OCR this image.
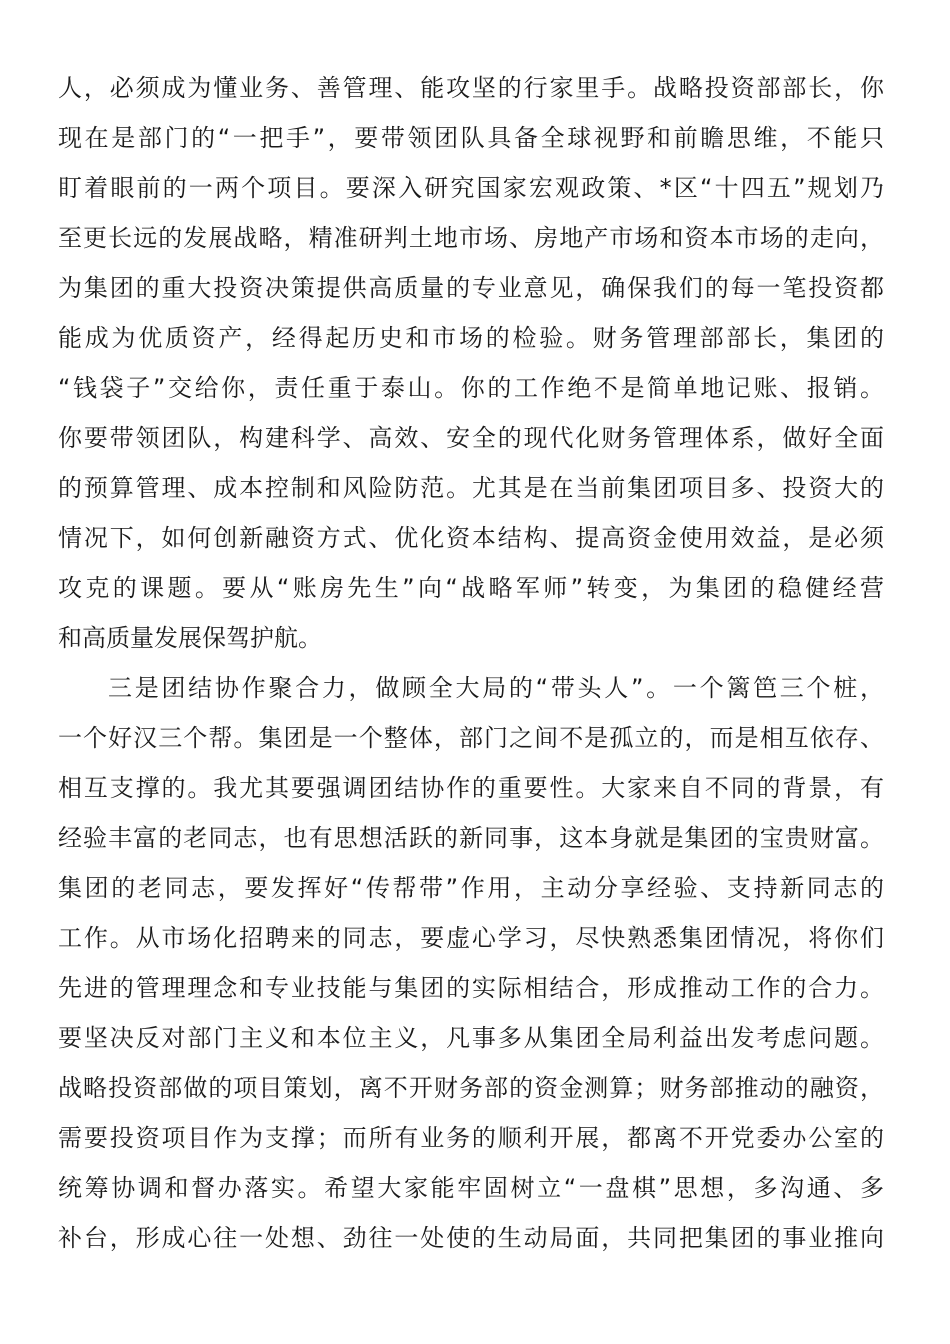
人，必须成为懂业务、善管理、能攻坚的行家里手。战略投资部部长，你
现在是部门的“一把手”，要带领团队具备全球视野和前瞻思维，不能只
盯着眼前的一两个项目。要深入研究国家宏观政策、*区“十四五”规划乃
至更长远的发展战略，精准研判土地市场、房地产市场和资本市场的走向，
为集团的重大投资决策提供高质量的专业意见，确保我们的每一笔投资都
能成为优质资产，经得起历史和市场的检验。财务管理部部长，集团的
“钱袋子”交给你，责任重于泰山。你的工作绝不是简单地记账、报销。
你要带领团队，构建科学、高效、安全的现代化财务管理体系，做好全面
的预算管理、成本控制和风险防范。尤其是在当前集团项目多、投资大的
情况下，如何创新融资方式、优化资本结构、提高资金使用效益，是必须
攻克的课题。要从“账房先生”向“战略军师”转变，为集团的稳健经营
和高质量发展保驾护航。
三是团结协作聚合力，做顾全大局的“带头人”。一个篱笆三个桩，
一个好汉三个帮。集团是一个整体，部门之间不是孤立的，而是相互依存、
相互支撑的。我尤其要强调团结协作的重要性。大家来自不同的背景，有
经验丰富的老同志，也有思想活跃的新同事，这本身就是集团的宝贵财富。
集团的老同志，要发挥好“传帮带”作用，主动分享经验、支持新同志的
工作。从市场化招聘来的同志，要虚心学习，尽快熟悉集团情况，将你们
先进的管理理念和专业技能与集团的实际相结合，形成推动工作的合力。
要坚决反对部门主义和本位主义，凡事多从集团全局利益出发考虑问题。
战略投资部做的项目策划，离不开财务部的资金测算；财务部推动的融资，
需要投资项目作为支撑；而所有业务的顺利开展，都离不开党委办公室的
统筹协调和督办落实。希望大家能牢固树立“一盘棋”思想，多沟通、多
补台，形成心往一处想、劲往一处使的生动局面，共同把集团的事业推向
